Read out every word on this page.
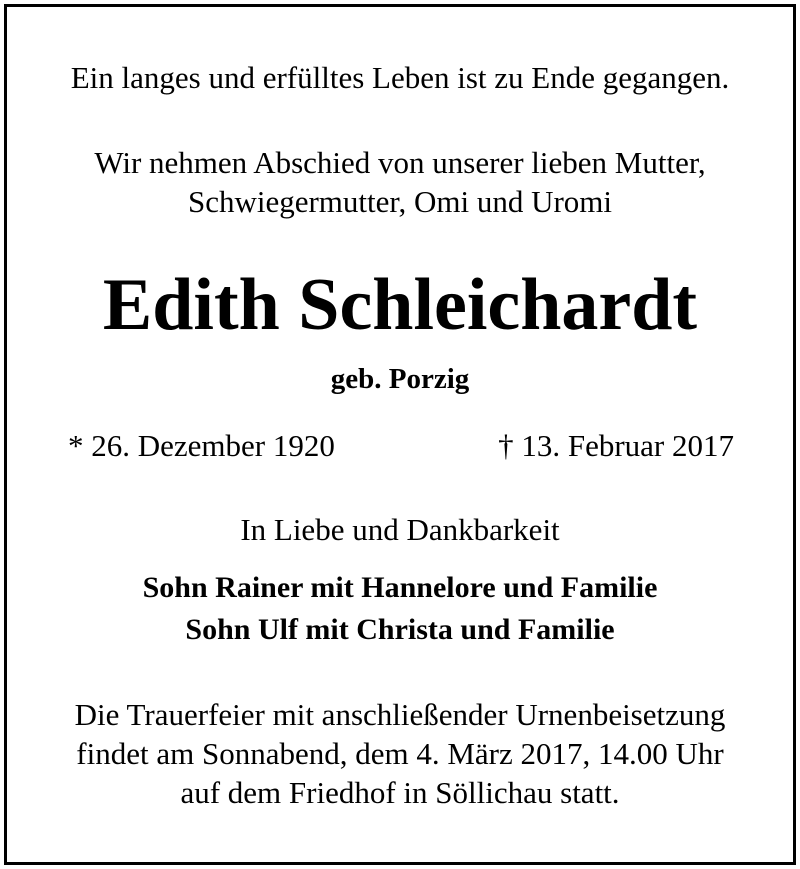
Ein langes und erfülltes Leben ist zu Ende gegangen.
Wir nehmen Abschied von unserer lieben Mutter,
Schwiegermutter, Omi und Uromi
Edith Schleichardt
geb. Porzig
* 26. Dezember 1920	† 13. Februar 2017
In Liebe und Dankbarkeit
Sohn Rainer mit Hannelore und Familie
Sohn Ulf mit Christa und Familie
Die Trauerfeier mit anschließender Urnenbeisetzung
findet am Sonnabend, dem 4. März 2017, 14.00 Uhr
auf dem Friedhof in Söllichau statt.
